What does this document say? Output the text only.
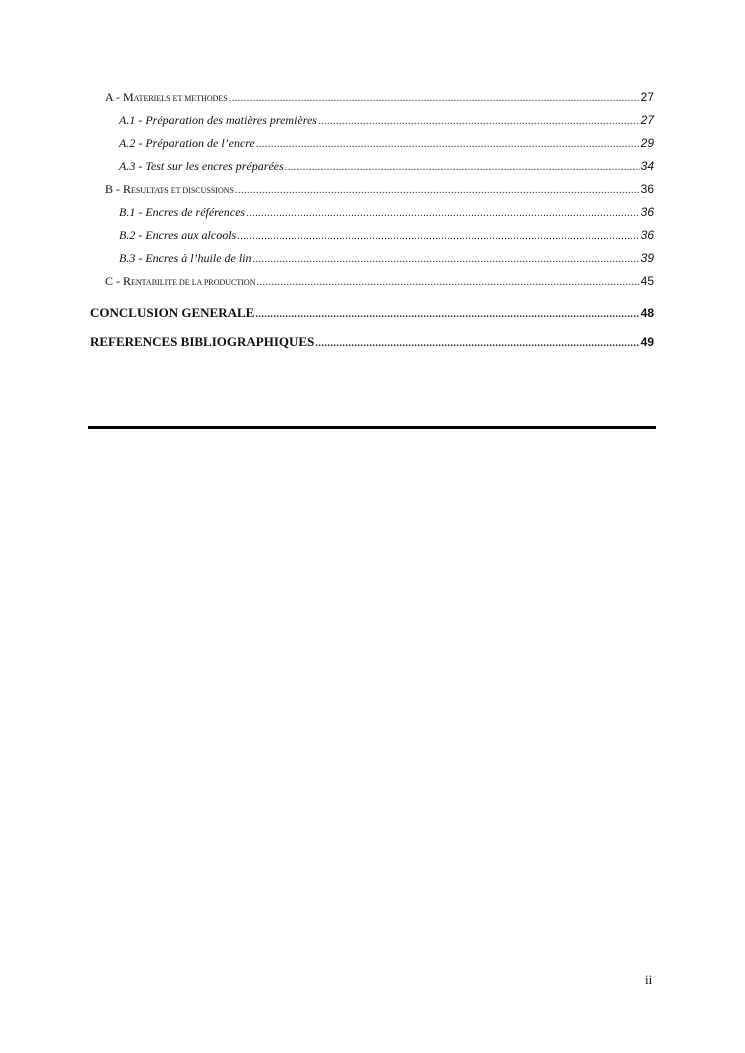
A - MATERIELS ET METHODES .....	27
A.1 - Préparation des matières premières .....	27
A.2 - Préparation de l’encre .....	29
A.3 - Test sur les encres préparées .....	34
B - RESULTATS ET DISCUSSIONS .....	36
B.1 - Encres de références .....	36
B.2 - Encres aux alcools .....	36
B.3 - Encres à l’huile de lin .....	39
C - RENTABILITE DE LA PRODUCTION .....	45
CONCLUSION GENERALE .....	48
REFERENCES BIBLIOGRAPHIQUES .....	49
ii
